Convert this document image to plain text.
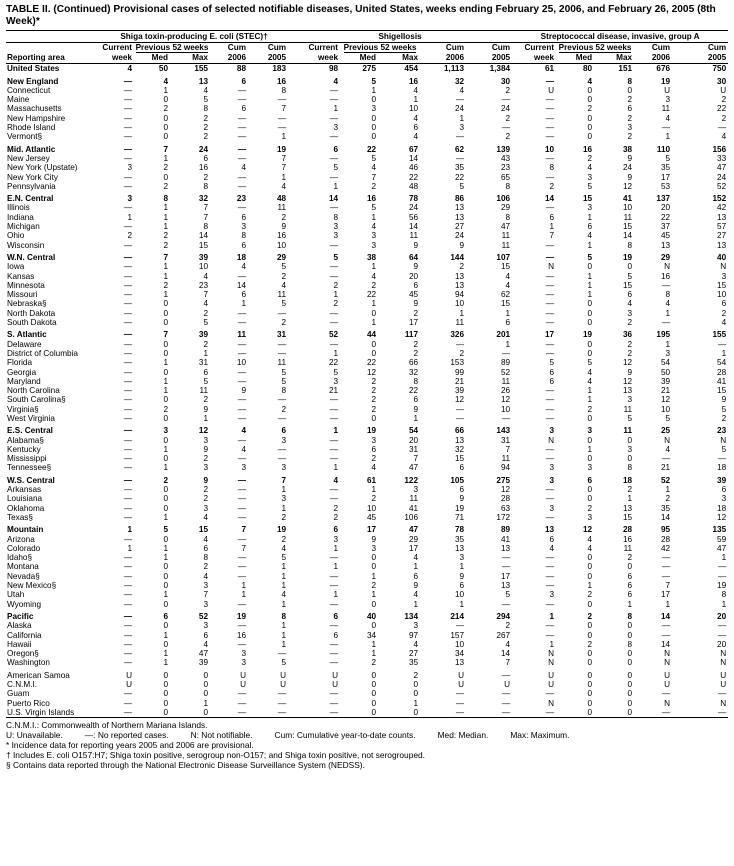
TABLE II. (Continued) Provisional cases of selected notifiable diseases, United States, weeks ending February 25, 2006, and February 26, 2005 (8th Week)*
	Shiga toxin-producing E. coli (STEC)†					Shigellosis					Streptococcal disease, invasive, group A				
	Current	Previous 52 weeks		Cum	Cum	Current	Previous 52 weeks		Cum	Cum	Current	Previous 52 weeks		Cum	Cum
Reporting area	week	Med	Max	2006	2005	week	Med	Max	2006	2005	week	Med	Max	2006	2005
United States	4	50	155	88	183	98	275	454	1,113	1,384	61	80	151	676	750
New England	—	4	13	6	16	4	5	16	32	30	—	4	8	19	30
Connecticut	—	1	4	—	8	—	1	4	4	2	U	0	0	U	U
Maine	—	0	5	—	—	—	0	1	—	—	—	0	2	3	2
Massachusetts	—	2	8	6	7	1	3	10	24	24	—	2	6	11	22
New Hampshire	—	0	2	—	—	—	0	4	1	2	—	0	2	4	2
Rhode Island	—	0	2	—	—	3	0	6	3	—	—	0	3	—	—
Vermont§	—	0	2	—	1	—	0	4	—	2	—	0	2	1	4
Mid. Atlantic	—	7	24	—	19	6	22	67	62	139	10	16	38	110	156
New Jersey	—	1	6	—	7	—	5	14	—	43	—	2	9	5	33
New York (Upstate)	3	2	16	4	7	5	4	46	35	23	8	4	24	35	47
New York City	—	0	2	—	1	—	7	22	22	65	—	3	9	17	24
Pennsylvania	—	2	8	—	4	1	2	48	5	8	2	5	12	53	52
E.N. Central	3	8	32	23	48	14	16	78	86	106	14	15	41	137	152
Illinois	—	1	7	—	11	—	5	24	13	29	—	3	10	20	42
Indiana	1	1	7	6	2	8	1	56	13	8	6	1	11	22	13
Michigan	—	1	8	3	9	3	4	14	27	47	1	6	15	37	57
Ohio	2	2	14	8	16	3	3	11	24	11	7	4	14	45	27
Wisconsin	—	2	15	6	10	—	3	9	9	11	—	1	8	13	13
W.N. Central	—	7	39	18	29	5	38	64	144	107	—	5	19	29	40
Iowa	—	1	10	4	5	—	1	9	2	15	N	0	0	N	N
Kansas	—	1	4	—	2	—	4	20	13	4	—	1	5	16	3
Minnesota	—	2	23	14	4	2	2	6	13	4	—	1	15	—	15
Missouri	—	1	7	6	11	1	22	45	94	62	—	1	6	8	10
Nebraska§	—	0	4	1	5	2	1	9	10	15	—	0	4	4	6
North Dakota	—	0	2	—	—	—	0	2	1	1	—	0	3	1	2
South Dakota	—	0	5	—	2	—	1	17	11	6	—	0	2	—	4
S. Atlantic	—	7	39	11	31	52	44	117	326	201	17	19	36	195	155
Delaware	—	0	2	—	—	—	0	2	—	1	—	0	2	1	—
District of Columbia	—	0	1	—	—	1	0	2	2	—	—	0	2	3	1
Florida	—	1	31	10	11	22	22	66	153	89	5	5	12	54	54
Georgia	—	0	6	—	5	5	12	32	99	52	6	4	9	50	28
Maryland	—	1	5	—	5	3	2	8	21	11	6	4	12	39	41
North Carolina	—	1	11	9	8	21	2	22	39	26	—	1	13	21	15
South Carolina§	—	0	2	—	—	—	2	6	12	12	—	1	3	12	9
Virginia§	—	2	9	—	2	—	2	9	—	10	—	2	11	10	5
West Virginia	—	0	1	—	—	—	0	1	—	—	—	0	5	5	2
E.S. Central	—	3	12	4	6	1	19	54	66	143	3	3	11	25	23
Alabama§	—	0	3	—	3	—	3	20	13	31	N	0	0	N	N
Kentucky	—	1	9	4	—	—	6	31	32	7	—	1	3	4	5
Mississippi	—	0	2	—	—	—	2	7	15	11	—	0	0	—	—
Tennessee§	—	1	3	3	3	1	4	47	6	94	3	3	8	21	18
W.S. Central	—	2	9	—	7	4	61	122	105	275	3	6	18	52	39
Arkansas	—	0	2	—	1	—	1	3	6	12	—	0	2	1	6
Louisiana	—	0	2	—	3	—	2	11	9	28	—	0	1	2	3
Oklahoma	—	0	3	—	1	2	10	41	19	63	3	2	13	35	18
Texas§	—	1	4	—	2	2	45	106	71	172	—	3	15	14	12
Mountain	1	5	15	7	19	6	17	47	78	89	13	12	28	95	135
Arizona	—	0	4	—	2	3	9	29	35	41	6	4	16	28	59
Colorado	1	1	6	7	4	1	3	17	13	13	4	4	11	42	47
Idaho§	—	1	8	—	5	—	0	4	3	—	—	0	2	—	1
Montana	—	0	2	—	1	1	0	1	1	—	—	0	0	—	—
Nevada§	—	0	4	—	1	—	1	6	9	17	—	0	6	—	—
New Mexico§	—	0	3	1	1	—	2	9	6	13	—	1	6	7	19
Utah	—	1	7	1	4	1	1	4	10	5	3	2	6	17	8
Wyoming	—	0	3	—	1	—	0	1	1	—	—	0	1	1	1
Pacific	—	6	52	19	8	6	40	134	214	294	1	2	8	14	20
Alaska	—	0	3	—	1	—	0	3	—	2	—	0	0	—	—
California	—	1	6	16	1	6	34	97	157	267	—	0	0	—	—
Hawaii	—	0	4	—	1	—	1	4	10	4	1	2	8	14	20
Oregon§	—	1	47	3	—	—	1	27	34	14	N	0	0	N	N
Washington	—	1	39	3	5	—	2	35	13	7	N	0	0	N	N
American Samoa	U	0	0	U	U	U	0	2	U	—	U	0	0	U	U
C.N.M.I.	U	0	0	U	U	U	0	0	U	U	U	0	0	U	U
Guam	—	0	0	—	—	—	0	0	—	—	—	0	0	—	—
Puerto Rico	—	0	1	—	—	—	0	1	—	—	N	0	0	N	N
U.S. Virgin Islands	—	0	0	—	—	—	0	0	—	—	—	0	0	—	—
C.N.M.I.: Commonwealth of Northern Mariana Islands.
U: Unavailable.	—: No reported cases.	N: Not notifiable.	Cum: Cumulative year-to-date counts.	Med: Median.	Max: Maximum.
* Incidence data for reporting years 2005 and 2006 are provisional.
† Includes E. coli O157:H7; Shiga toxin positive, serogroup non-O157; and Shiga toxin positive, not serogrouped.
§ Contains data reported through the National Electronic Disease Surveillance System (NEDSS).
